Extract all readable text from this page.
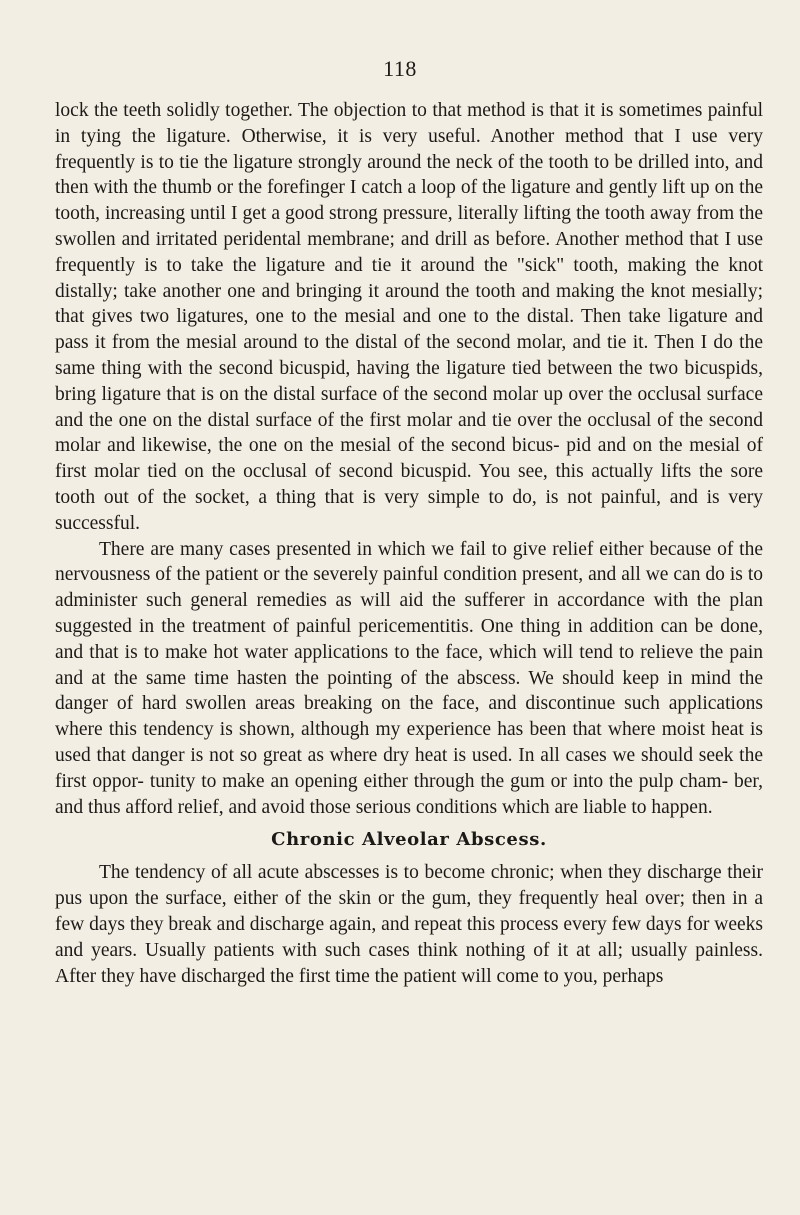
118

lock the teeth solidly together. The objection to that method is that it is sometimes painful in tying the ligature. Otherwise, it is very useful. Another method that I use very frequently is to tie the ligature strongly around the neck of the tooth to be drilled into, and then with the thumb or the forefinger I catch a loop of the ligature and gently lift up on the tooth, increasing until I get a good strong pressure, literally lifting the tooth away from the swollen and irritated peridental membrane; and drill as before. Another method that I use frequently is to take the ligature and tie it around the "sick" tooth, making the knot distally; take another one and bringing it around the tooth and making the knot mesially; that gives two ligatures, one to the mesial and one to the distal. Then take ligature and pass it from the mesial around to the distal of the second molar, and tie it. Then I do the same thing with the second bicuspid, having the ligature tied between the two bicuspids, bring ligature that is on the distal surface of the second molar up over the occlusal surface and the one on the distal surface of the first molar and tie over the occlusal of the second molar and likewise, the one on the mesial of the second bicus- pid and on the mesial of first molar tied on the occlusal of second bicuspid. You see, this actually lifts the sore tooth out of the socket, a thing that is very simple to do, is not painful, and is very successful.

There are many cases presented in which we fail to give relief either because of the nervousness of the patient or the severely painful condition present, and all we can do is to administer such general remedies as will aid the sufferer in accordance with the plan suggested in the treatment of painful pericementitis. One thing in addition can be done, and that is to make hot water applications to the face, which will tend to relieve the pain and at the same time hasten the pointing of the abscess. We should keep in mind the danger of hard swollen areas breaking on the face, and discontinue such applications where this tendency is shown, although my experience has been that where moist heat is used that danger is not so great as where dry heat is used. In all cases we should seek the first oppor- tunity to make an opening either through the gum or into the pulp cham- ber, and thus afford relief, and avoid those serious conditions which are liable to happen.

Chronic Alveolar Abscess.

The tendency of all acute abscesses is to become chronic; when they discharge their pus upon the surface, either of the skin or the gum, they frequently heal over; then in a few days they break and discharge again, and repeat this process every few days for weeks and years. Usually patients with such cases think nothing of it at all; usually painless. After they have discharged the first time the patient will come to you, perhaps
